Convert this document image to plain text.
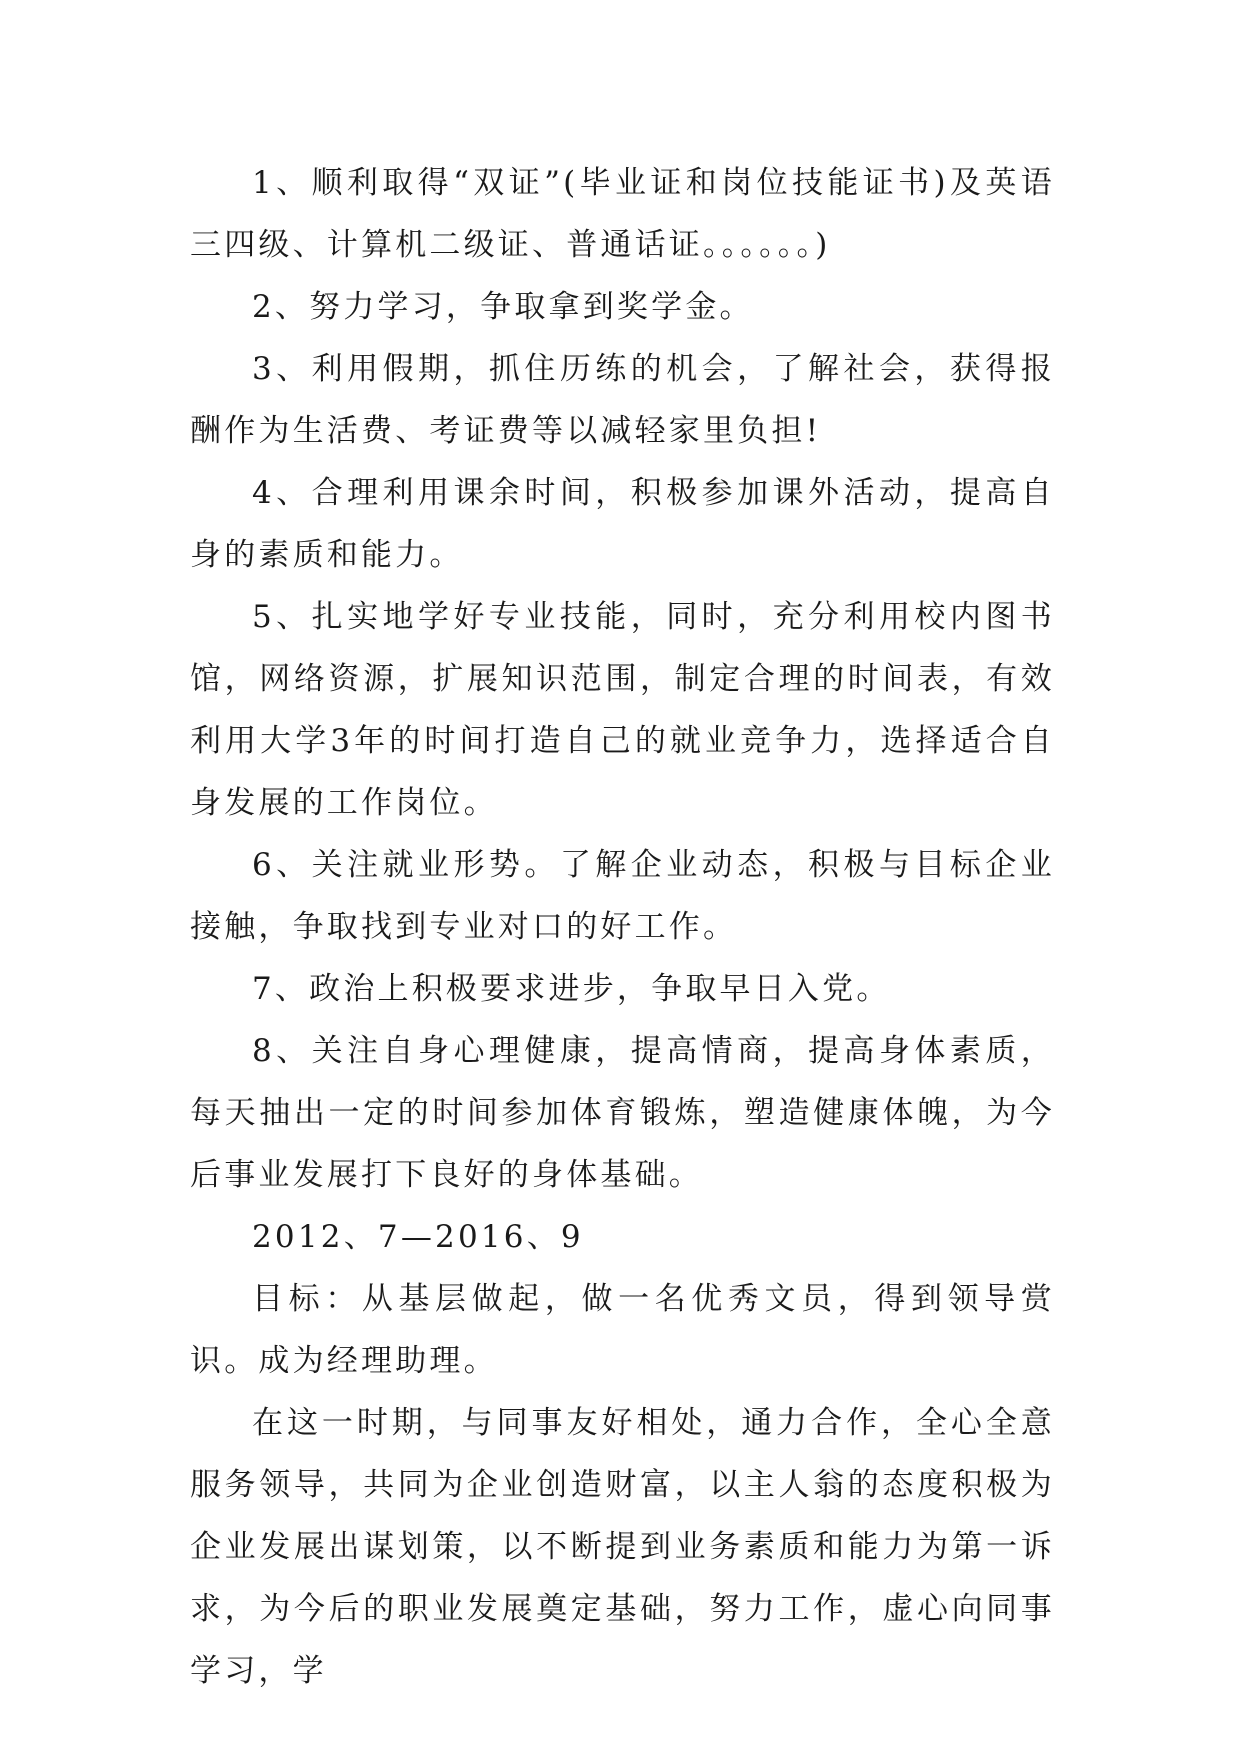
1、顺利取得“双证”(毕业证和岗位技能证书)及英语三四级、计算机二级证、普通话证。。。。。。)

2、努力学习，争取拿到奖学金。

3、利用假期，抓住历练的机会，了解社会，获得报酬作为生活费、考证费等以减轻家里负担!

4、合理利用课余时间，积极参加课外活动，提高自身的素质和能力。

5、扎实地学好专业技能，同时，充分利用校内图书馆，网络资源，扩展知识范围，制定合理的时间表，有效利用大学3年的时间打造自己的就业竞争力，选择适合自身发展的工作岗位。

6、关注就业形势。了解企业动态，积极与目标企业接触，争取找到专业对口的好工作。

7、政治上积极要求进步，争取早日入党。

8、关注自身心理健康，提高情商，提高身体素质，每天抽出一定的时间参加体育锻炼，塑造健康体魄，为今后事业发展打下良好的身体基础。

2012、7—2016、9

目标：从基层做起，做一名优秀文员，得到领导赏识。成为经理助理。

在这一时期，与同事友好相处，通力合作，全心全意服务领导，共同为企业创造财富，以主人翁的态度积极为企业发展出谋划策，以不断提到业务素质和能力为第一诉求，为今后的职业发展奠定基础，努力工作，虚心向同事学习，学
